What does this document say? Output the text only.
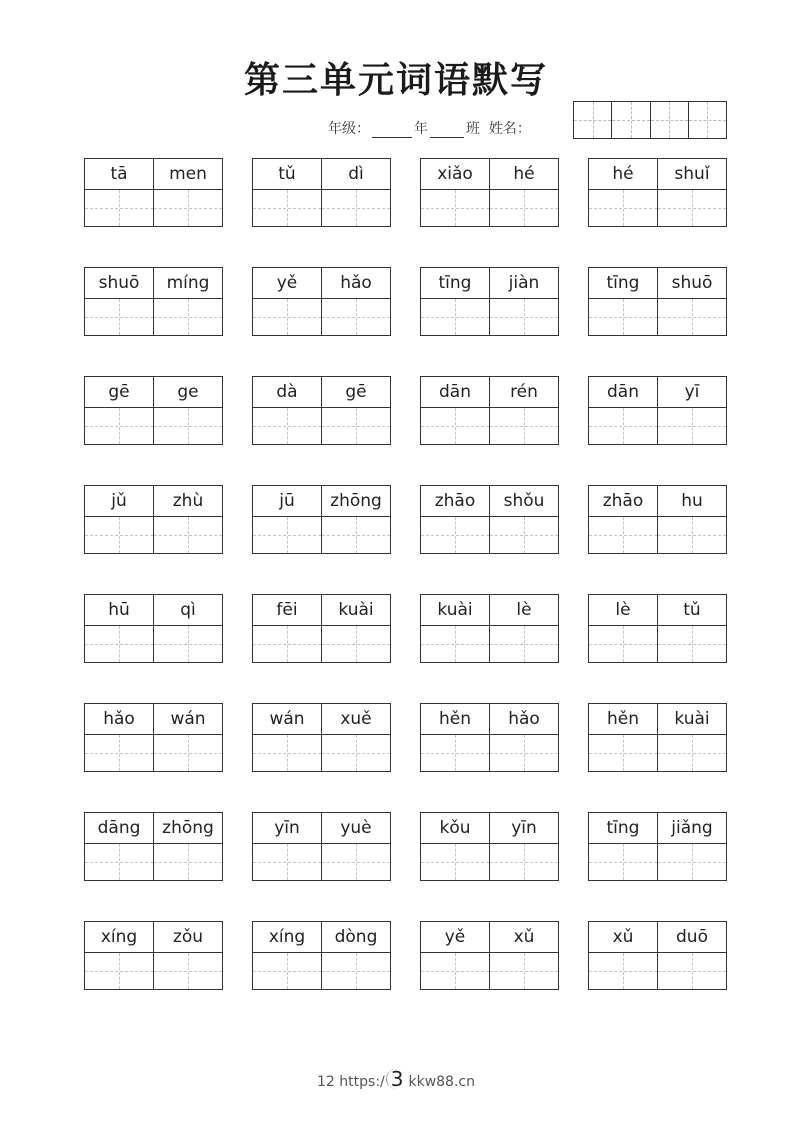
第三单元词语默写
年级：	年	班 姓名：
tā	men	tǔ	dì	xiǎo	hé	hé	shuǐ
shuō	míng	yě	hǎo	tīng	jiàn	tīng	shuō
gē	ge	dà	gē	dān	rén	dān	yī
jǔ	zhù	jū	zhōng	zhāo	shǒu	zhāo	hu
hū	qì	fēi	kuài	kuài	lè	lè	tǔ
hǎo	wán	wán	xuě	hěn	hǎo	hěn	kuài
dāng	zhōng	yīn	yuè	kǒu	yīn	tīng	jiǎng
xíng	zǒu	xíng	dòng	yě	xǔ	xǔ	duō
12 https:/ 3 kkw88.cn
